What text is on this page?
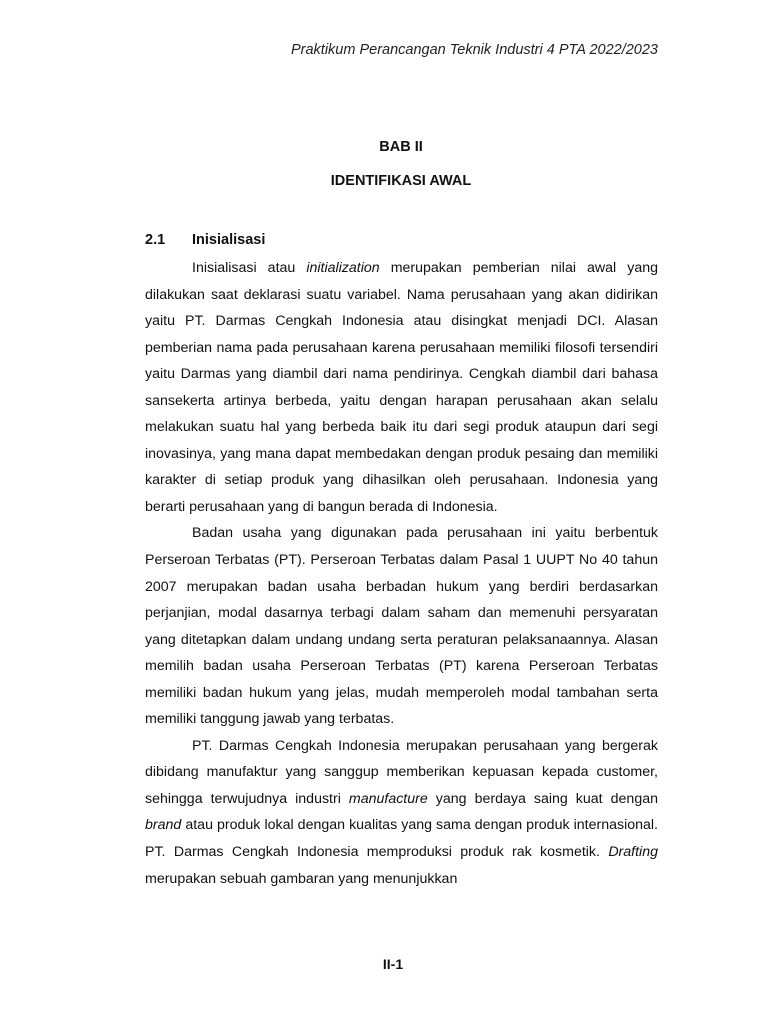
Praktikum Perancangan Teknik Industri 4 PTA 2022/2023
BAB II
IDENTIFIKASI AWAL
2.1 Inisialisasi

Inisialisasi atau initialization merupakan pemberian nilai awal yang dilakukan saat deklarasi suatu variabel. Nama perusahaan yang akan didirikan yaitu PT. Darmas Cengkah Indonesia atau disingkat menjadi DCI. Alasan pemberian nama pada perusahaan karena perusahaan memiliki filosofi tersendiri yaitu Darmas yang diambil dari nama pendirinya. Cengkah diambil dari bahasa sansekerta artinya berbeda, yaitu dengan harapan perusahaan akan selalu melakukan suatu hal yang berbeda baik itu dari segi produk ataupun dari segi inovasinya, yang mana dapat membedakan dengan produk pesaing dan memiliki karakter di setiap produk yang dihasilkan oleh perusahaan. Indonesia yang berarti perusahaan yang di bangun berada di Indonesia.

Badan usaha yang digunakan pada perusahaan ini yaitu berbentuk Perseroan Terbatas (PT). Perseroan Terbatas dalam Pasal 1 UUPT No 40 tahun 2007 merupakan badan usaha berbadan hukum yang berdiri berdasarkan perjanjian, modal dasarnya terbagi dalam saham dan memenuhi persyaratan yang ditetapkan dalam undang undang serta peraturan pelaksanaannya. Alasan memilih badan usaha Perseroan Terbatas (PT) karena Perseroan Terbatas memiliki badan hukum yang jelas, mudah memperoleh modal tambahan serta memiliki tanggung jawab yang terbatas.

PT. Darmas Cengkah Indonesia merupakan perusahaan yang bergerak dibidang manufaktur yang sanggup memberikan kepuasan kepada customer, sehingga terwujudnya industri manufacture yang berdaya saing kuat dengan brand atau produk lokal dengan kualitas yang sama dengan produk internasional. PT. Darmas Cengkah Indonesia memproduksi produk rak kosmetik. Drafting merupakan sebuah gambaran yang menunjukkan

II-1
